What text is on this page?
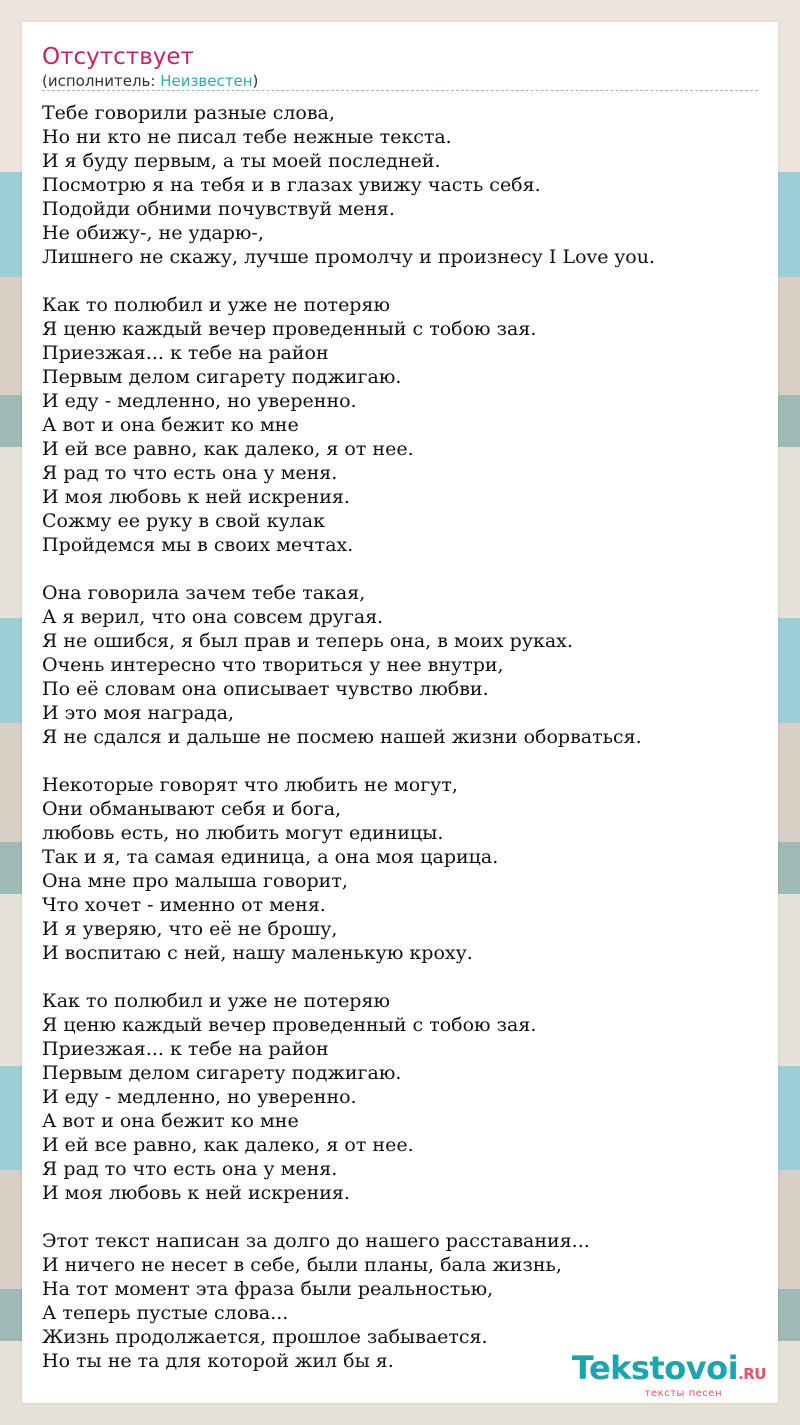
Отсутствует
(исполнитель: Неизвестен)
Тебе говорили разные слова,
Но ни кто не писал тебе нежные текста.
И я буду первым, а ты моей последней.
Посмотрю я на тебя и в глазах увижу часть себя.
Подойди обними почувствуй меня.
Не обижу-, не ударю-,
Лишнего не скажу, лучше промолчу и произнесу I Love you.
Как то полюбил и уже не потеряю
Я ценю каждый вечер проведенный с тобою зая.
Приезжая... к тебе на район
Первым делом сигарету поджигаю.
И еду - медленно, но уверенно.
А вот и она бежит ко мне
И ей все равно, как далеко, я от нее.
Я рад то что есть она у меня.
И моя любовь к ней искрения.
Сожму ее руку в свой кулак
Пройдемся мы в своих мечтах.
Она говорила зачем тебе такая,
А я верил, что она совсем другая.
Я не ошибся, я был прав и теперь она, в моих руках.
Очень интересно что твориться у нее внутри,
По её словам она описывает чувство любви.
И это моя награда,
Я не сдался и дальше не посмею нашей жизни оборваться.
Некоторые говорят что любить не могут,
Они обманывают себя и бога,
любовь есть, но любить могут единицы.
Так и я, та самая единица, а она моя царица.
Она мне про малыша говорит,
Что хочет - именно от меня.
И я уверяю, что её не брошу,
И воспитаю с ней, нашу маленькую кроху.
Как то полюбил и уже не потеряю
Я ценю каждый вечер проведенный с тобою зая.
Приезжая... к тебе на район
Первым делом сигарету поджигаю.
И еду - медленно, но уверенно.
А вот и она бежит ко мне
И ей все равно, как далеко, я от нее.
Я рад то что есть она у меня.
И моя любовь к ней искрения.
Этот текст написан за долго до нашего расставания...
И ничего не несет в себе, были планы, бала жизнь,
На тот момент эта фраза были реальностью,
А теперь пустые слова...
Жизнь продолжается, прошлое забывается.
Но ты не та для которой жил бы я.	Tekstovoi.RU
тексты песен
